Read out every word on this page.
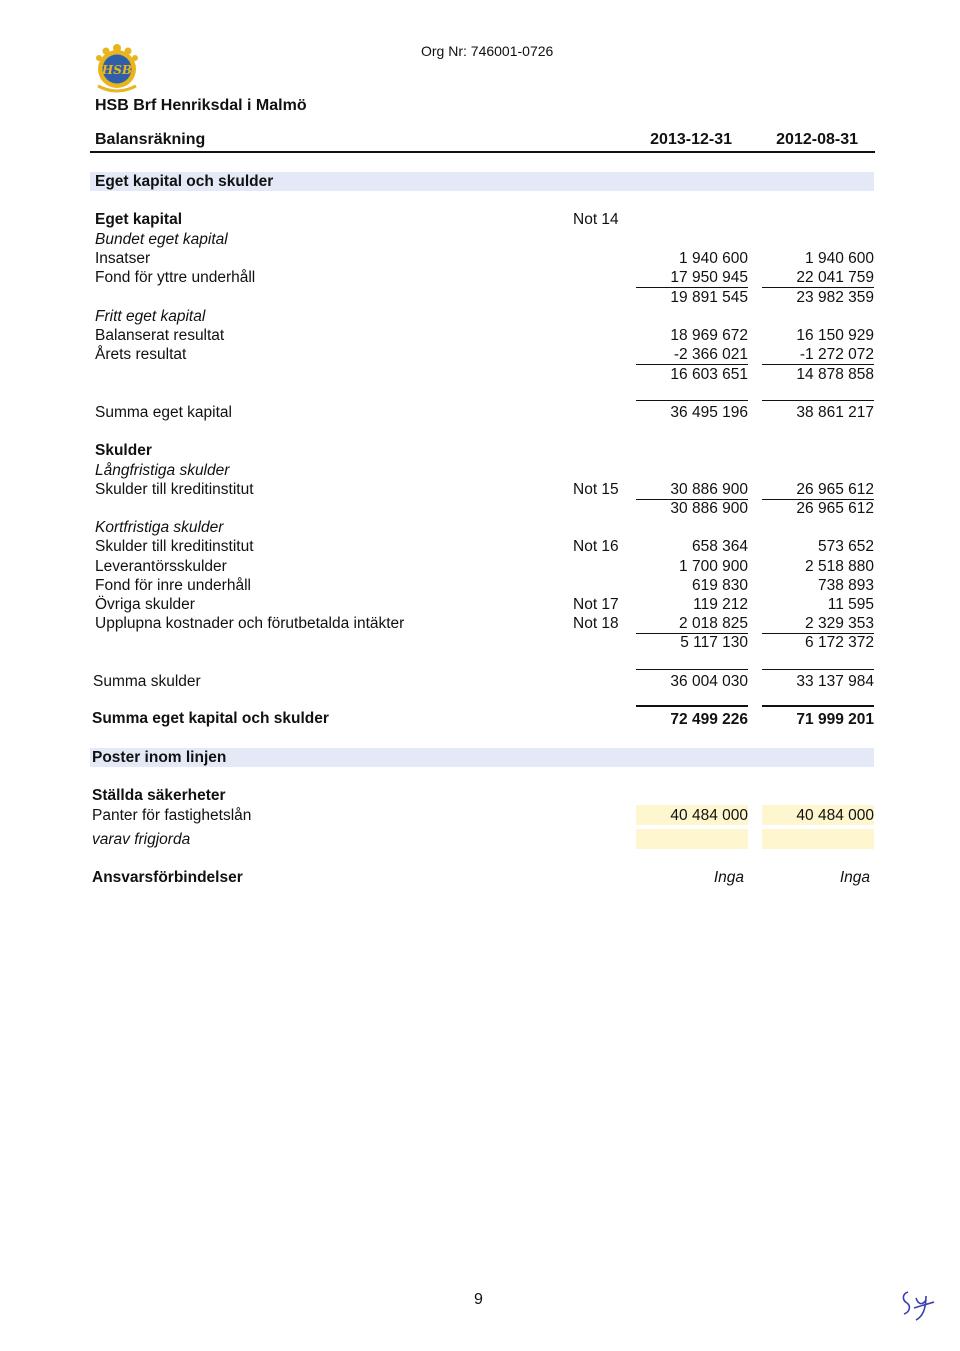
HSB
Org Nr: 746001-0726
HSB Brf Henriksdal i Malmö
Balansräkning	2013-12-31	2012-08-31
Eget kapital och skulder
Eget kapital	Not 14
Bundet eget kapital
Insatser	1 940 600	1 940 600
Fond för yttre underhåll	17 950 945	22 041 759
19 891 545	23 982 359
Fritt eget kapital
Balanserat resultat	18 969 672	16 150 929
Årets resultat	-2 366 021	-1 272 072
16 603 651	14 878 858
Summa eget kapital	36 495 196	38 861 217
Skulder
Långfristiga skulder
Skulder till kreditinstitut	Not 15	30 886 900	26 965 612
30 886 900	26 965 612
Kortfristiga skulder
Skulder till kreditinstitut	Not 16	658 364	573 652
Leverantörsskulder	1 700 900	2 518 880
Fond för inre underhåll	619 830	738 893
Övriga skulder	Not 17	119 212	11 595
Upplupna kostnader och förutbetalda intäkter	Not 18	2 018 825	2 329 353
5 117 130	6 172 372
Summa skulder	36 004 030	33 137 984
Summa eget kapital och skulder	72 499 226	71 999 201
Poster inom linjen
Ställda säkerheter
Panter för fastighetslån	40 484 000	40 484 000
varav frigjorda
Ansvarsförbindelser	Inga	Inga
9
